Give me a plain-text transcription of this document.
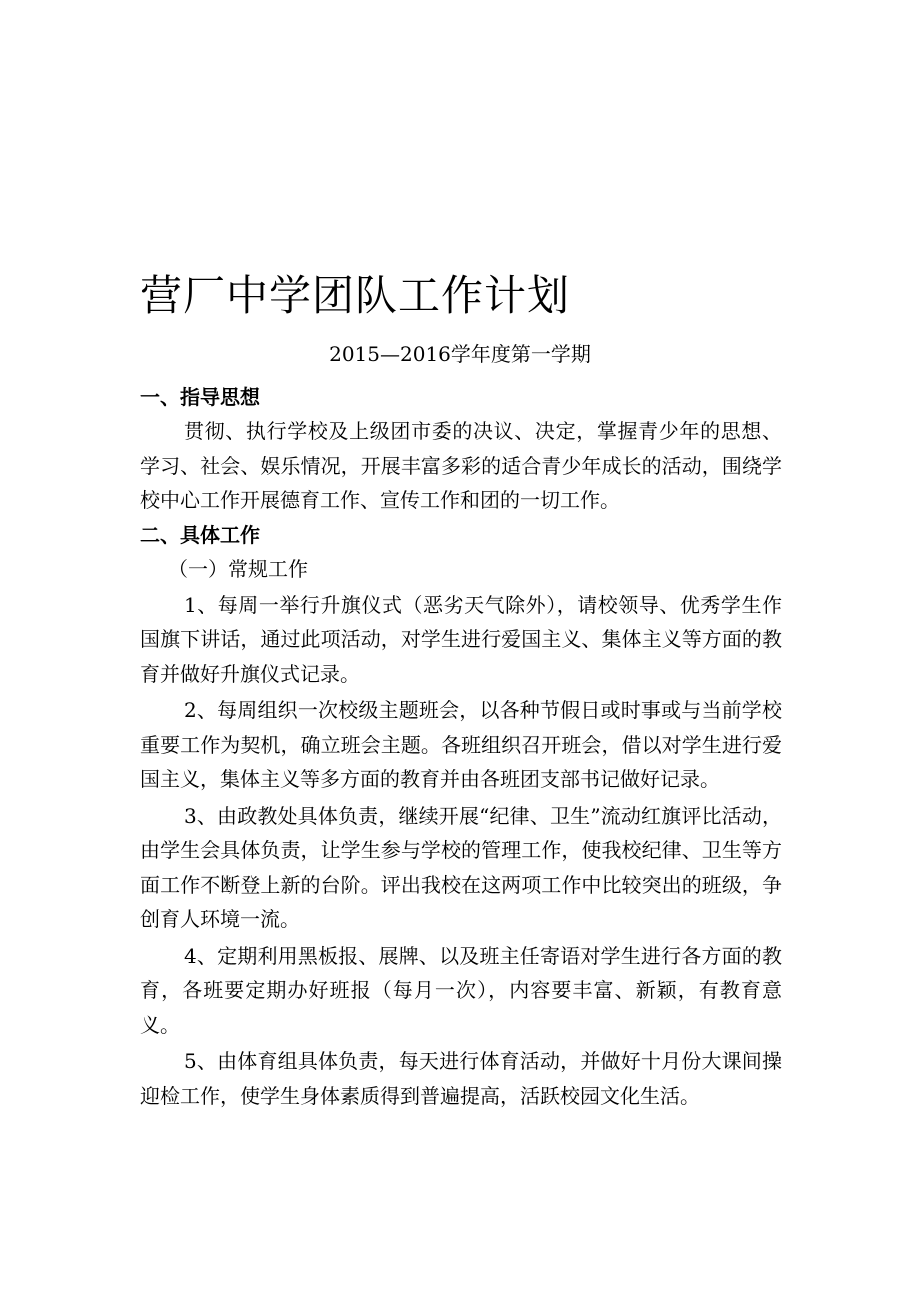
营厂中学团队工作计划

2015—2016学年度第一学期

一、指导思想

贯彻、执行学校及上级团市委的决议、决定，掌握青少年的思想、学习、社会、娱乐情况，开展丰富多彩的适合青少年成长的活动，围绕学校中心工作开展德育工作、宣传工作和团的一切工作。

二、具体工作

（一）常规工作

1、每周一举行升旗仪式（恶劣天气除外），请校领导、优秀学生作国旗下讲话，通过此项活动，对学生进行爱国主义、集体主义等方面的教育并做好升旗仪式记录。

2、每周组织一次校级主题班会，以各种节假日或时事或与当前学校重要工作为契机，确立班会主题。各班组织召开班会，借以对学生进行爱国主义，集体主义等多方面的教育并由各班团支部书记做好记录。

3、由政教处具体负责，继续开展“纪律、卫生”流动红旗评比活动，由学生会具体负责，让学生参与学校的管理工作，使我校纪律、卫生等方面工作不断登上新的台阶。评出我校在这两项工作中比较突出的班级，争创育人环境一流。

4、定期利用黑板报、展牌、以及班主任寄语对学生进行各方面的教育，各班要定期办好班报（每月一次），内容要丰富、新颖，有教育意义。

5、由体育组具体负责，每天进行体育活动，并做好十月份大课间操迎检工作，使学生身体素质得到普遍提高，活跃校园文化生活。
